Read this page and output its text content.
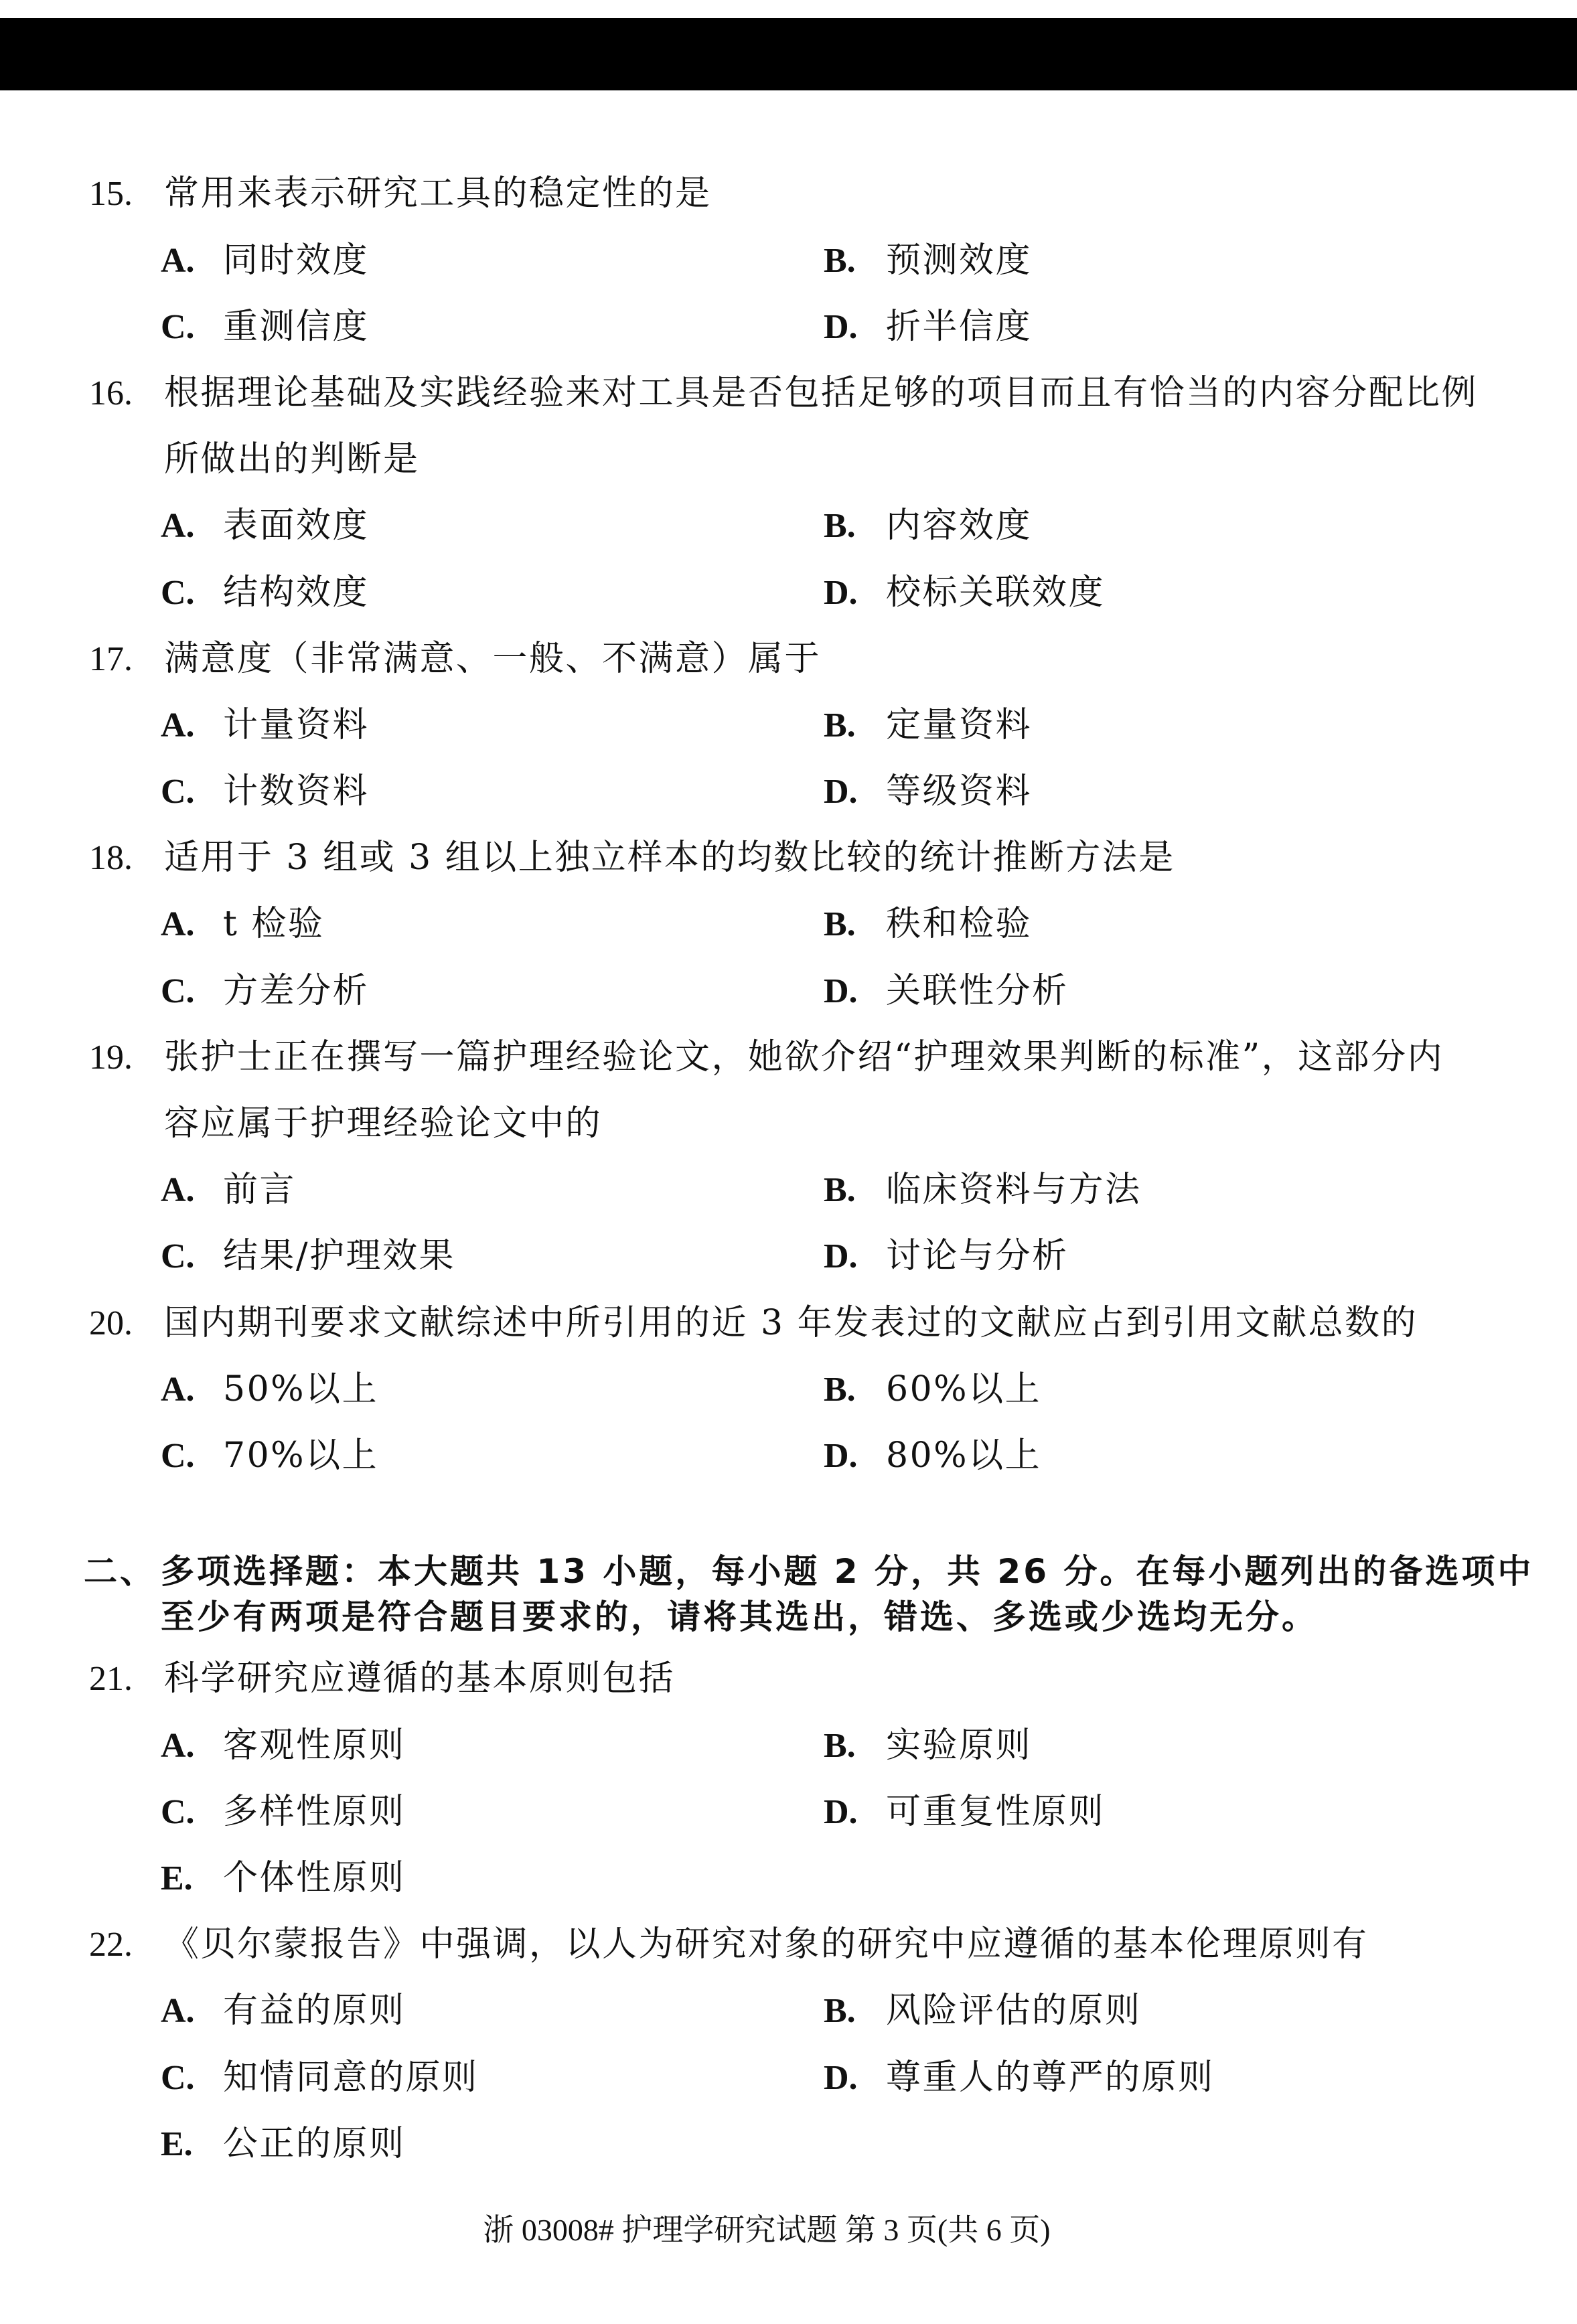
15. 常用来表示研究工具的稳定性的是
A. 同时效度	B. 预测效度
C. 重测信度	D. 折半信度
16. 根据理论基础及实践经验来对工具是否包括足够的项目而且有恰当的内容分配比例
所做出的判断是
A. 表面效度	B. 内容效度
C. 结构效度	D. 校标关联效度
17. 满意度（非常满意、一般、不满意）属于
A. 计量资料	B. 定量资料
C. 计数资料	D. 等级资料
18. 适用于 3 组或 3 组以上独立样本的均数比较的统计推断方法是
A. t 检验	B. 秩和检验
C. 方差分析	D. 关联性分析
19. 张护士正在撰写一篇护理经验论文，她欲介绍“护理效果判断的标准”，这部分内
容应属于护理经验论文中的
A. 前言	B. 临床资料与方法
C. 结果/护理效果	D. 讨论与分析
20. 国内期刊要求文献综述中所引用的近 3 年发表过的文献应占到引用文献总数的
A. 50%以上	B. 60%以上
C. 70%以上	D. 80%以上
二、 多项选择题：本大题共 13 小题，每小题 2 分，共 26 分。在每小题列出的备选项中
至少有两项是符合题目要求的，请将其选出，错选、多选或少选均无分。
21. 科学研究应遵循的基本原则包括
A. 客观性原则	B. 实验原则
C. 多样性原则	D. 可重复性原则
E. 个体性原则
22. 《贝尔蒙报告》中强调，以人为研究对象的研究中应遵循的基本伦理原则有
A. 有益的原则	B. 风险评估的原则
C. 知情同意的原则	D. 尊重人的尊严的原则
E. 公正的原则
浙 03008# 护理学研究试题 第 3 页(共 6 页)
